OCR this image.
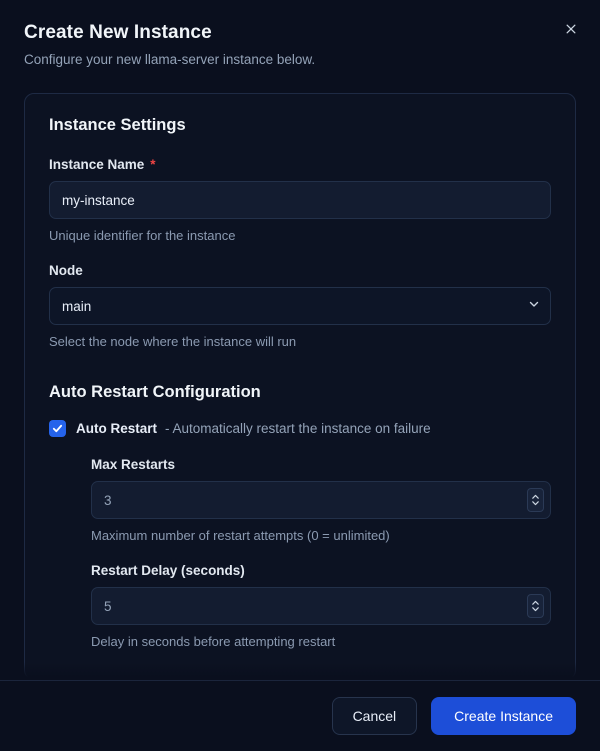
Create New Instance

Configure your new llama-server instance below.

Instance Settings
Instance Name *
my-instance

Unique identifier for the instance

Node
main

Select the node where the instance will run

Auto Restart Configuration
Auto Restart - Automatically restart the instance on failure
Max Restarts
3

Maximum number of restart attempts (0 = unlimited)

Restart Delay (seconds)
5

Delay in seconds before attempting restart

Cancel	Create Instance
